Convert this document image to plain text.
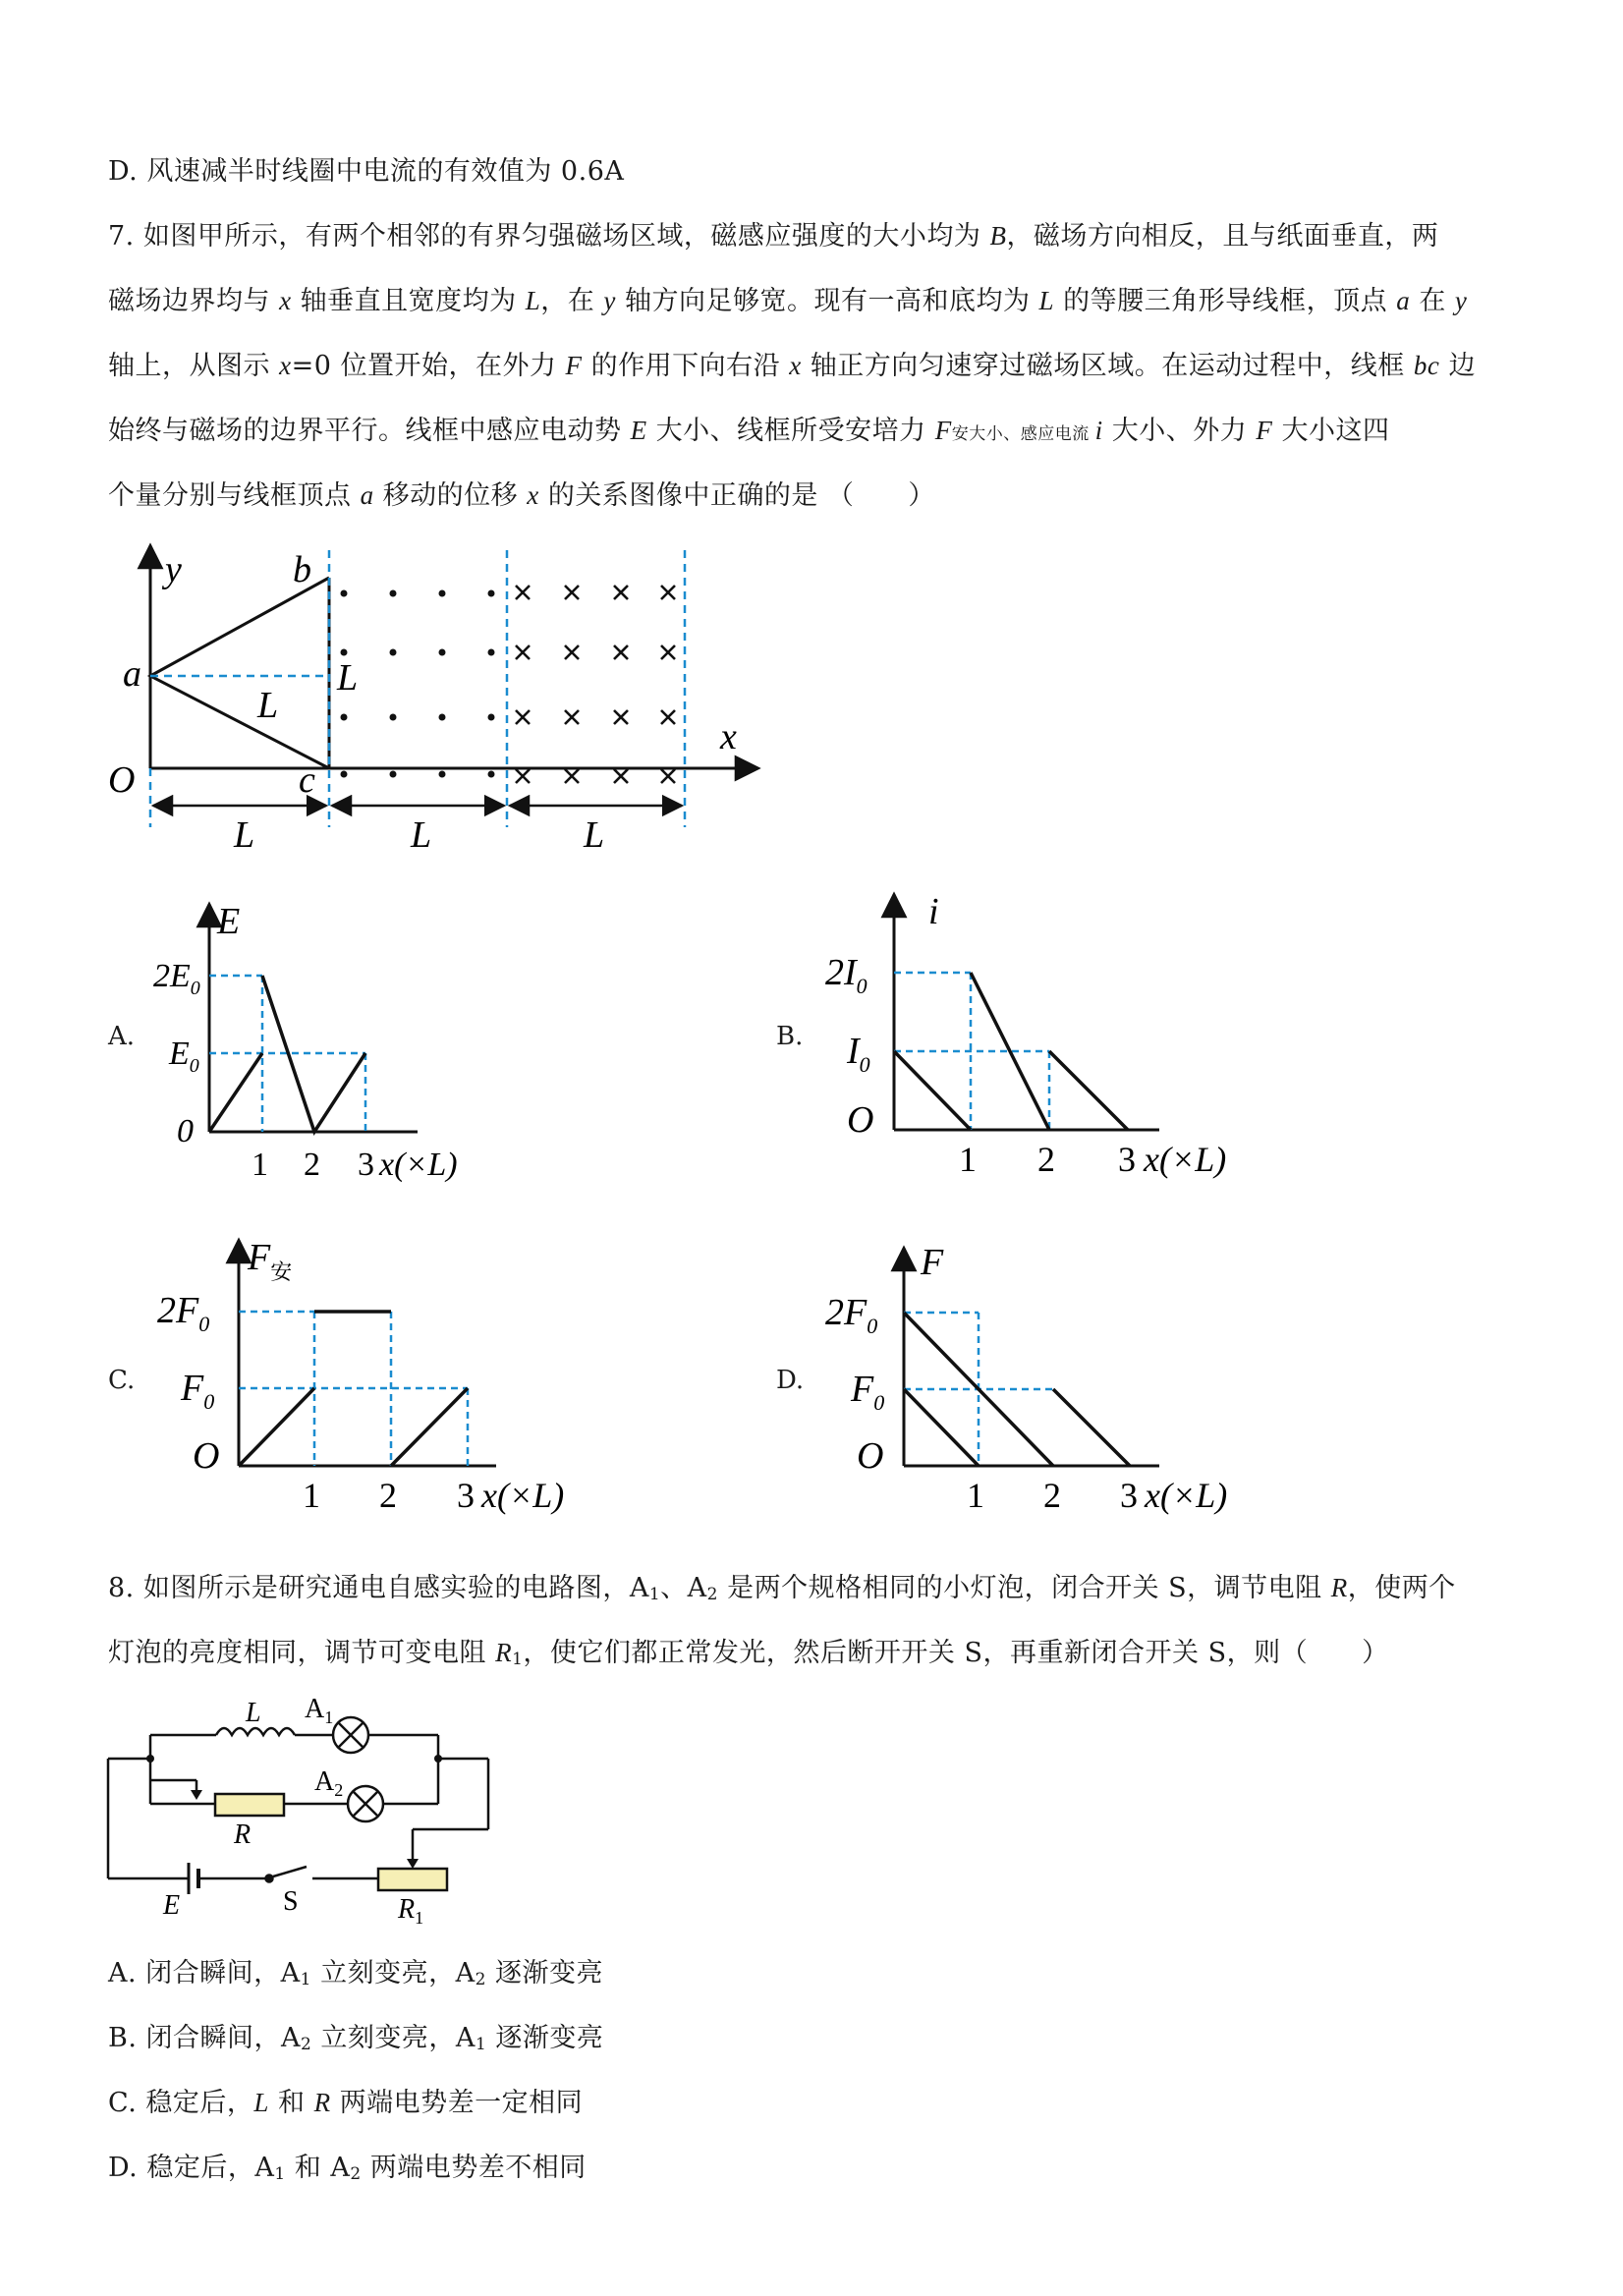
D. 风速减半时线圈中电流的有效值为 0.6A
7. 如图甲所示，有两个相邻的有界匀强磁场区域，磁感应强度的大小均为 B，磁场方向相反，且与纸面垂直，两
磁场边界均与 x 轴垂直且宽度均为 L，在 y 轴方向足够宽。现有一高和底均为 L 的等腰三角形导线框，顶点 a 在 y
轴上，从图示 x=0 位置开始，在外力 F 的作用下向右沿 x 轴正方向匀速穿过磁场区域。在运动过程中，线框 bc 边
始终与磁场的边界平行。线框中感应电动势 E 大小、线框所受安培力 F安大小、感应电流 i 大小、外力 F 大小这四
个量分别与线框顶点 a 移动的位移 x 的关系图像中正确的是 （　　）
y	b
a	L
L
O	c
x
L	L	L
A.
E
$2E_0$
$E_0$
0
1 2 3 x(×L)
B.
i
$2I_0$
$I_0$
O
1 2 3 x(×L)
C.
$F_安$
$2F_0$
$F_0$
O
1 2 3 x(×L)
D.
F
$2F_0$
$F_0$
O
1 2 3 x(×L)
8. 如图所示是研究通电自感实验的电路图，$A_1$、$A_2$ 是两个规格相同的小灯泡，闭合开关 S，调节电阻 R，使两个
灯泡的亮度相同，调节可变电阻 $R_1$，使它们都正常发光，然后断开开关 S，再重新闭合开关 S，则（　　）
L $A_1$
$A_2$
R
E	S	$R_1$
A. 闭合瞬间，$A_1$ 立刻变亮，$A_2$ 逐渐变亮
B. 闭合瞬间，$A_2$ 立刻变亮，$A_1$ 逐渐变亮
C. 稳定后，L 和 R 两端电势差一定相同
D. 稳定后，$A_1$ 和 $A_2$ 两端电势差不相同
